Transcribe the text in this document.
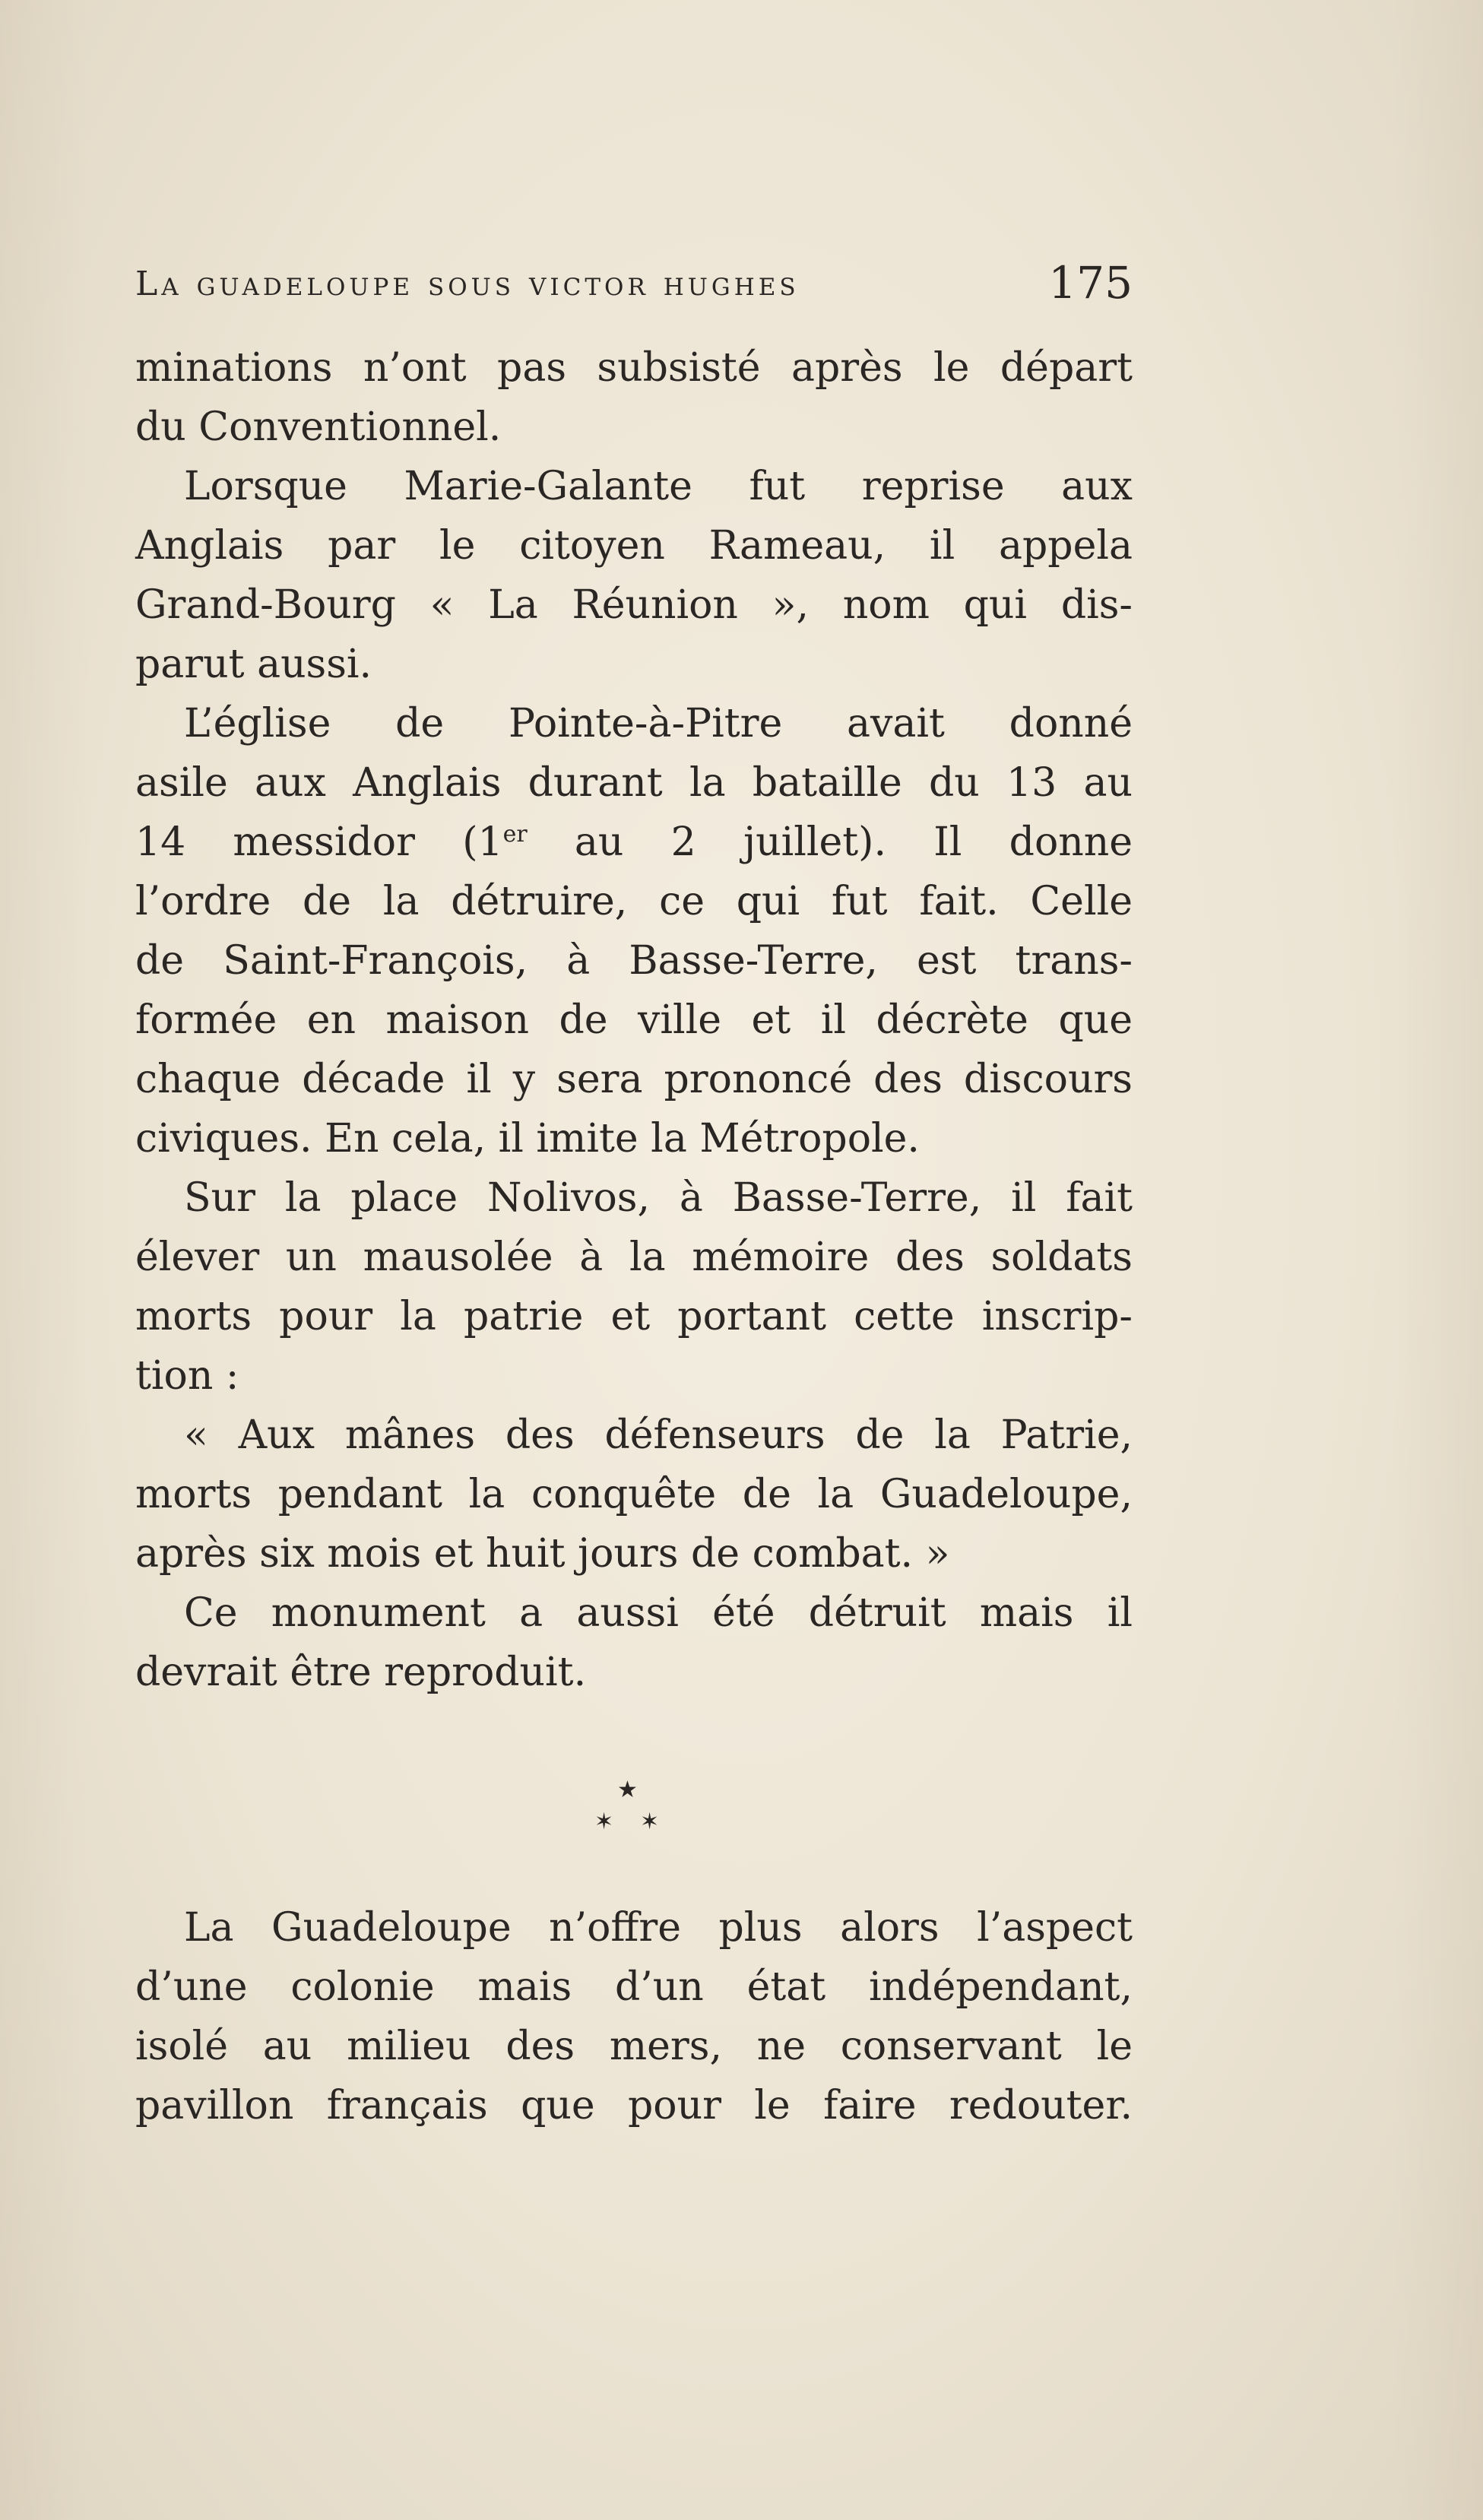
La guadeloupe sous victor hughes	175
minations n’ont pas subsisté après le départ
du Conventionnel.
Lorsque Marie-Galante fut reprise aux
Anglais par le citoyen Rameau, il appela
Grand-Bourg « La Réunion », nom qui dis-
parut aussi.
L’église de Pointe-à-Pitre avait donné
asile aux Anglais durant la bataille du 13 au
14 messidor (1er au 2 juillet). Il donne
l’ordre de la détruire, ce qui fut fait. Celle
de Saint-François, à Basse-Terre, est trans-
formée en maison de ville et il décrète que
chaque décade il y sera prononcé des discours
civiques. En cela, il imite la Métropole.
Sur la place Nolivos, à Basse-Terre, il fait
élever un mausolée à la mémoire des soldats
morts pour la patrie et portant cette inscrip-
tion :
« Aux mânes des défenseurs de la Patrie,
morts pendant la conquête de la Guadeloupe,
après six mois et huit jours de combat. »
Ce monument a aussi été détruit mais il
devrait être reproduit.
La Guadeloupe n’offre plus alors l’aspect
d’une colonie mais d’un état indépendant,
isolé au milieu des mers, ne conservant le
pavillon français que pour le faire redouter.
★
✶ ✶
